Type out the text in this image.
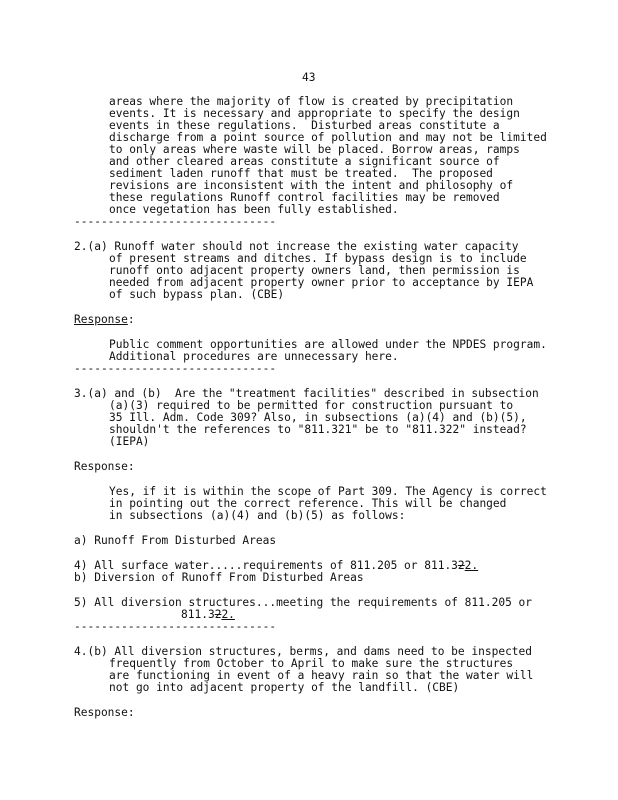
43
areas where the majority of flow is created by precipitation
events. It is necessary and appropriate to specify the design
events in these regulations.  Disturbed areas constitute a
discharge from a point source of pollution and may not be limited
to only areas where waste will be placed. Borrow areas, ramps
and other cleared areas constitute a significant source of
sediment laden runoff that must be treated.  The proposed
revisions are inconsistent with the intent and philosophy of
these regulations Runoff control facilities may be removed
once vegetation has been fully established.
------------------------------
2.(a) Runoff water should not increase the existing water capacity
of present streams and ditches. If bypass design is to include
runoff onto adjacent property owners land, then permission is
needed from adjacent property owner prior to acceptance by IEPA
of such bypass plan. (CBE)
Response:
Public comment opportunities are allowed under the NPDES program.
Additional procedures are unnecessary here.
------------------------------
3.(a) and (b)  Are the "treatment facilities" described in subsection
(a)(3) required to be permitted for construction pursuant to
35 Ill. Adm. Code 309? Also, in subsections (a)(4) and (b)(5),
shouldn't the references to "811.321" be to "811.322" instead?
(IEPA)
Response:
Yes, if it is within the scope of Part 309. The Agency is correct
in pointing out the correct reference. This will be changed
in subsections (a)(4) and (b)(5) as follows:
a) Runoff From Disturbed Areas
4) All surface water.....requirements of 811.205 or 811.322.
b) Diversion of Runoff From Disturbed Areas
5) All diversion structures...meeting the requirements of 811.205 or
811.322.
------------------------------
4.(b) All diversion structures, berms, and dams need to be inspected
frequently from October to April to make sure the structures
are functioning in event of a heavy rain so that the water will
not go into adjacent property of the landfill. (CBE)
Response:
